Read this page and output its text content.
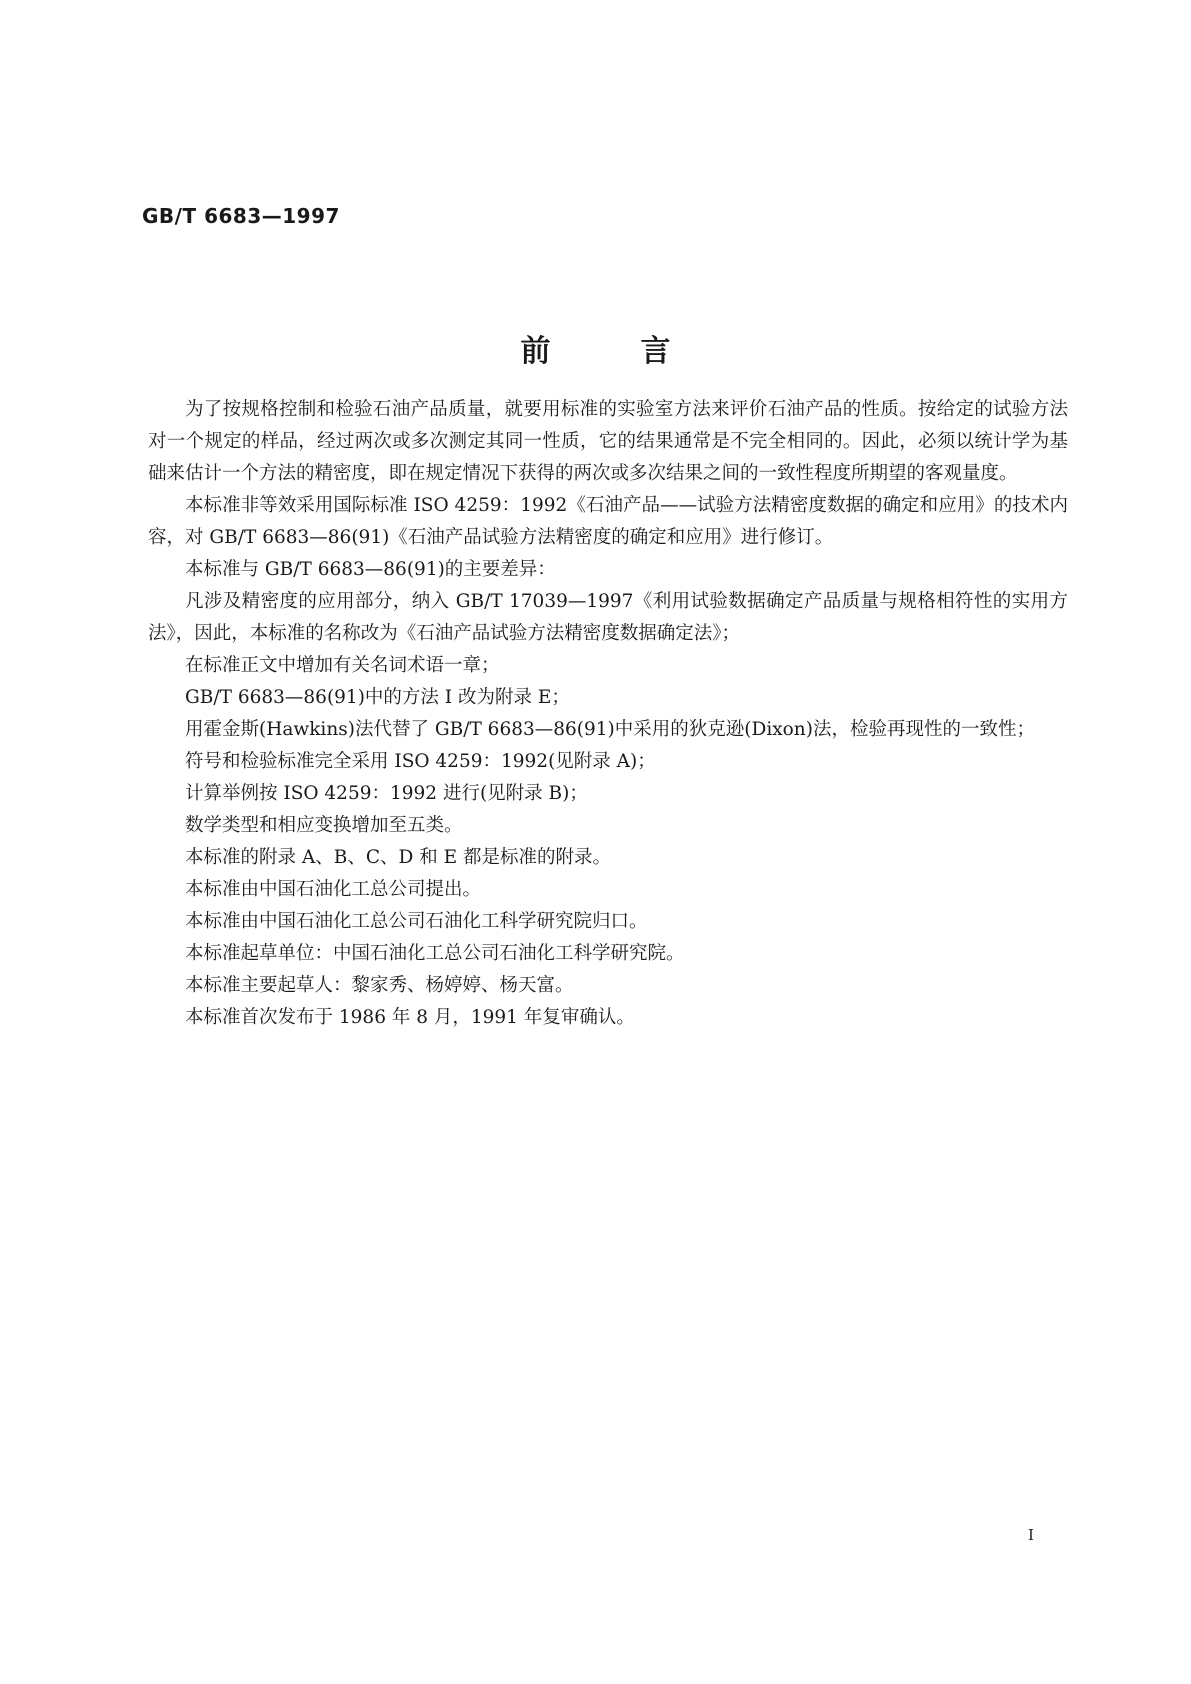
GB/T 6683—1997
前言

为了按规格控制和检验石油产品质量，就要用标准的实验室方法来评价石油产品的性质。按给定的试验方法对一个规定的样品，经过两次或多次测定其同一性质，它的结果通常是不完全相同的。因此，必须以统计学为基础来估计一个方法的精密度，即在规定情况下获得的两次或多次结果之间的一致性程度所期望的客观量度。

本标准非等效采用国际标准 ISO 4259：1992《石油产品——试验方法精密度数据的确定和应用》的技术内容，对 GB/T 6683—86(91)《石油产品试验方法精密度的确定和应用》进行修订。

本标准与 GB/T 6683—86(91)的主要差异：

凡涉及精密度的应用部分，纳入 GB/T 17039—1997《利用试验数据确定产品质量与规格相符性的实用方法》，因此，本标准的名称改为《石油产品试验方法精密度数据确定法》；

在标准正文中增加有关名词术语一章；

GB/T 6683—86(91)中的方法 I 改为附录 E；

用霍金斯(Hawkins)法代替了 GB/T 6683—86(91)中采用的狄克逊(Dixon)法，检验再现性的一致性；

符号和检验标准完全采用 ISO 4259：1992(见附录 A)；

计算举例按 ISO 4259：1992 进行(见附录 B)；

数学类型和相应变换增加至五类。

本标准的附录 A、B、C、D 和 E 都是标准的附录。

本标准由中国石油化工总公司提出。

本标准由中国石油化工总公司石油化工科学研究院归口。

本标准起草单位：中国石油化工总公司石油化工科学研究院。

本标准主要起草人：黎家秀、杨婷婷、杨天富。

本标准首次发布于 1986 年 8 月，1991 年复审确认。

I
